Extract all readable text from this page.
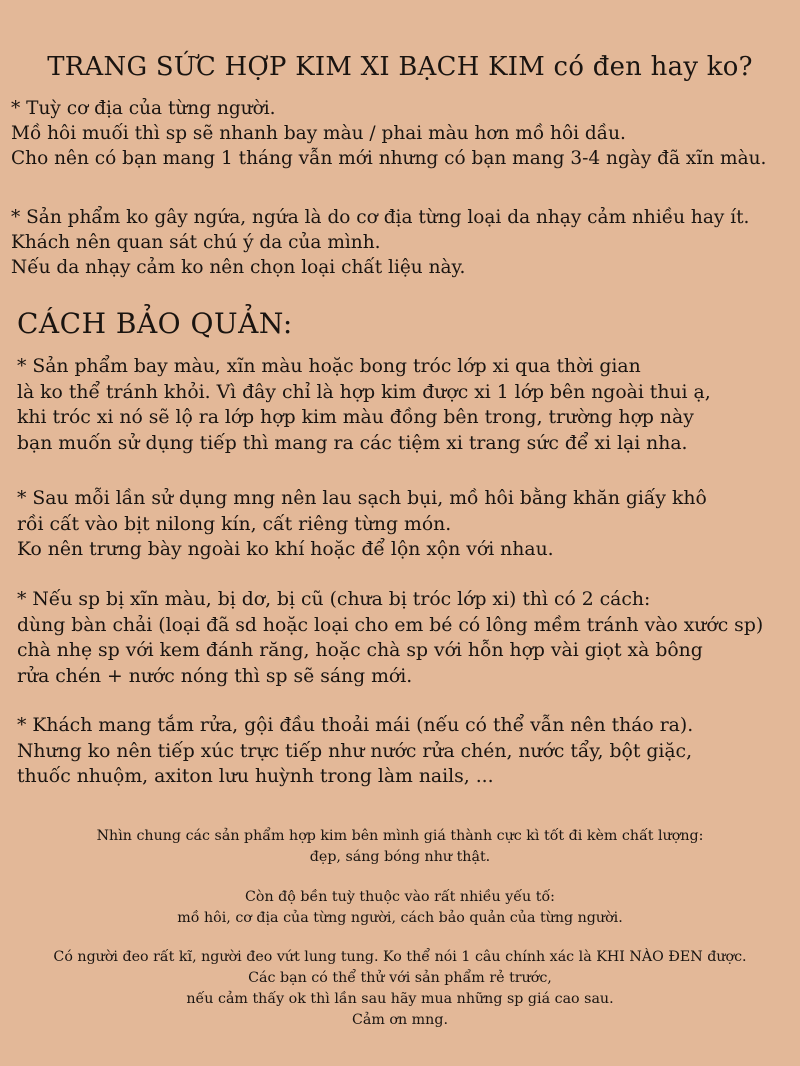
TRANG SỨC HỢP KIM XI BẠCH KIM có đen hay ko?
* Tuỳ cơ địa của từng người.
Mồ hôi muối thì sp sẽ nhanh bay màu / phai màu hơn mồ hôi dầu.
Cho nên có bạn mang 1 tháng vẫn mới nhưng có bạn mang 3-4 ngày đã xĩn màu.
* Sản phẩm ko gây ngứa, ngứa là do cơ địa từng loại da nhạy cảm nhiều hay ít.
Khách nên quan sát chú ý da của mình.
Nếu da nhạy cảm ko nên chọn loại chất liệu này.
CÁCH BẢO QUẢN:
* Sản phẩm bay màu, xĩn màu hoặc bong tróc lớp xi qua thời gian
là ko thể tránh khỏi. Vì đây chỉ là hợp kim được xi 1 lớp bên ngoài thui ạ,
khi tróc xi nó sẽ lộ ra lớp hợp kim màu đồng bên trong, trường hợp này
bạn muốn sử dụng tiếp thì mang ra các tiệm xi trang sức để xi lại nha.
* Sau mỗi lần sử dụng mng nên lau sạch bụi, mồ hôi bằng khăn giấy khô
rồi cất vào bịt nilong kín, cất riêng từng món.
Ko nên trưng bày ngoài ko khí hoặc để lộn xộn với nhau.
* Nếu sp bị xĩn màu, bị dơ, bị cũ (chưa bị tróc lớp xi) thì có 2 cách:
dùng bàn chải (loại đã sd hoặc loại cho em bé có lông mềm tránh vào xước sp)
chà nhẹ sp với kem đánh răng, hoặc chà sp với hỗn hợp vài giọt xà bông
rửa chén + nước nóng thì sp sẽ sáng mới.
* Khách mang tắm rửa, gội đầu thoải mái (nếu có thể vẫn nên tháo ra).
Nhưng ko nên tiếp xúc trực tiếp như nước rửa chén, nước tẩy, bột giặc,
thuốc nhuộm, axiton lưu huỳnh trong làm nails, ...
Nhìn chung các sản phẩm hợp kim bên mình giá thành cực kì tốt đi kèm chất lượng:
đẹp, sáng bóng như thật.
Còn độ bền tuỳ thuộc vào rất nhiều yếu tố:
mồ hôi, cơ địa của từng người, cách bảo quản của từng người.
Có người đeo rất kĩ, người đeo vứt lung tung. Ko thể nói 1 câu chính xác là KHI NÀO ĐEN được.
Các bạn có thể thử với sản phẩm rẻ trước,
nếu cảm thấy ok thì lần sau hãy mua những sp giá cao sau.
Cảm ơn mng.
